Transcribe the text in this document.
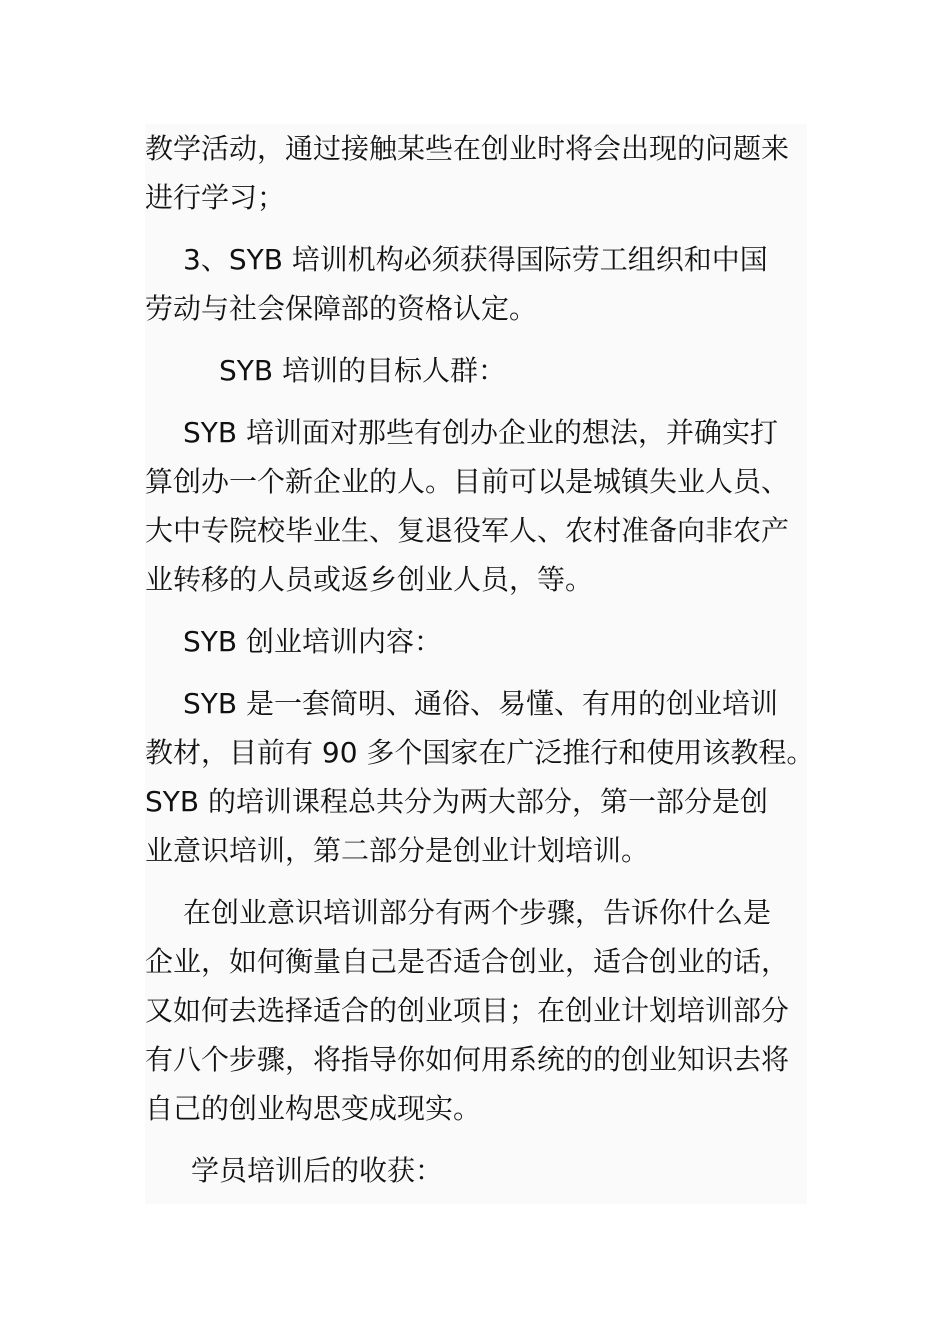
教学活动，通过接触某些在创业时将会出现的问题来
进行学习；
3、SYB 培训机构必须获得国际劳工组织和中国
劳动与社会保障部的资格认定。
SYB 培训的目标人群：
SYB 培训面对那些有创办企业的想法，并确实打
算创办一个新企业的人。目前可以是城镇失业人员、
大中专院校毕业生、复退役军人、农村准备向非农产
业转移的人员或返乡创业人员，等。
SYB 创业培训内容：
SYB 是一套简明、通俗、易懂、有用的创业培训
教材，目前有 90 多个国家在广泛推行和使用该教程。
SYB 的培训课程总共分为两大部分，第一部分是创
业意识培训，第二部分是创业计划培训。
在创业意识培训部分有两个步骤，告诉你什么是
企业，如何衡量自己是否适合创业，适合创业的话，
又如何去选择适合的创业项目；在创业计划培训部分
有八个步骤，将指导你如何用系统的的创业知识去将
自己的创业构思变成现实。
学员培训后的收获：
